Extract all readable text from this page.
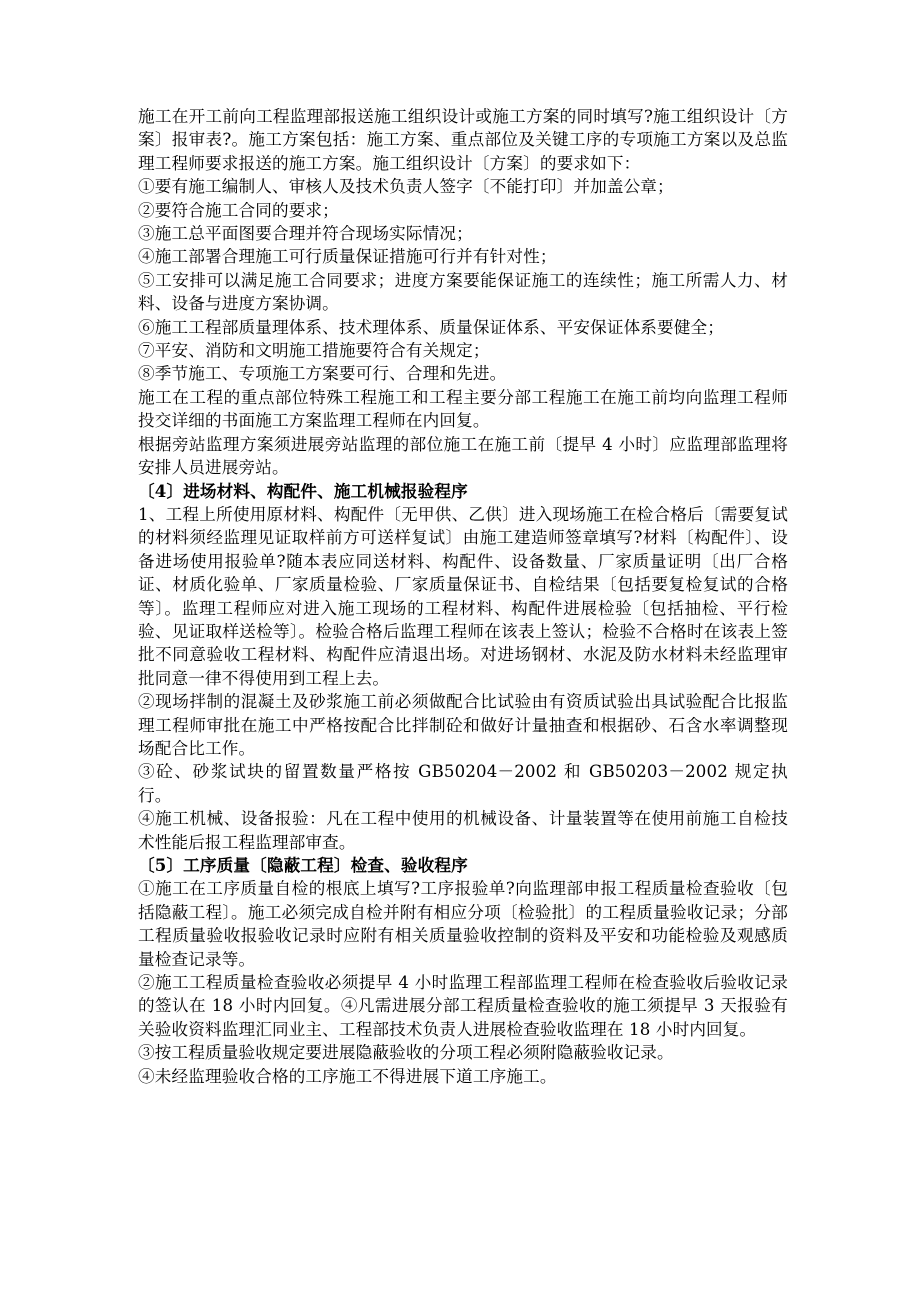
施工在开工前向工程监理部报送施工组织设计或施工方案的同时填写?施工组织设计〔方案〕报审表?。施工方案包括：施工方案、重点部位及关键工序的专项施工方案以及总监理工程师要求报送的施工方案。施工组织设计〔方案〕的要求如下：

①要有施工编制人、审核人及技术负责人签字〔不能打印〕并加盖公章；

②要符合施工合同的要求；

③施工总平面图要合理并符合现场实际情况；

④施工部署合理施工可行质量保证措施可行并有针对性；

⑤工安排可以满足施工合同要求；进度方案要能保证施工的连续性；施工所需人力、材料、设备与进度方案协调。

⑥施工工程部质量理体系、技术理体系、质量保证体系、平安保证体系要健全；

⑦平安、消防和文明施工措施要符合有关规定；

⑧季节施工、专项施工方案要可行、合理和先进。

施工在工程的重点部位特殊工程施工和工程主要分部工程施工在施工前均向监理工程师投交详细的书面施工方案监理工程师在内回复。

根据旁站监理方案须进展旁站监理的部位施工在施工前〔提早 4 小时〕应监理部监理将安排人员进展旁站。

〔4〕进场材料、构配件、施工机械报验程序

1、工程上所使用原材料、构配件〔无甲供、乙供〕进入现场施工在检合格后〔需要复试的材料须经监理见证取样前方可送样复试〕由施工建造师签章填写?材料〔构配件〕、设备进场使用报验单?随本表应同送材料、构配件、设备数量、厂家质量证明〔出厂合格证、材质化验单、厂家质量检验、厂家质量保证书、自检结果〔包括要复检复试的合格等〕。监理工程师应对进入施工现场的工程材料、构配件进展检验〔包括抽检、平行检验、见证取样送检等〕。检验合格后监理工程师在该表上签认；检验不合格时在该表上签批不同意验收工程材料、构配件应清退出场。对进场钢材、水泥及防水材料未经监理审批同意一律不得使用到工程上去。

②现场拌制的混凝土及砂浆施工前必须做配合比试验由有资质试验出具试验配合比报监理工程师审批在施工中严格按配合比拌制砼和做好计量抽查和根据砂、石含水率调整现场配合比工作。

③砼、砂浆试块的留置数量严格按 GB50204－2002 和 GB50203－2002 规定执行。

④施工机械、设备报验：凡在工程中使用的机械设备、计量装置等在使用前施工自检技术性能后报工程监理部审查。

〔5〕工序质量〔隐蔽工程〕检查、验收程序

①施工在工序质量自检的根底上填写?工序报验单?向监理部申报工程质量检查验收〔包括隐蔽工程〕。施工必须完成自检并附有相应分项〔检验批〕的工程质量验收记录；分部工程质量验收报验收记录时应附有相关质量验收控制的资料及平安和功能检验及观感质量检查记录等。

②施工工程质量检查验收必须提早 4 小时监理工程部监理工程师在检查验收后验收记录的签认在 18 小时内回复。④凡需进展分部工程质量检查验收的施工须提早 3 天报验有关验收资料监理汇同业主、工程部技术负责人进展检查验收监理在 18 小时内回复。

③按工程质量验收规定要进展隐蔽验收的分项工程必须附隐蔽验收记录。

④未经监理验收合格的工序施工不得进展下道工序施工。
